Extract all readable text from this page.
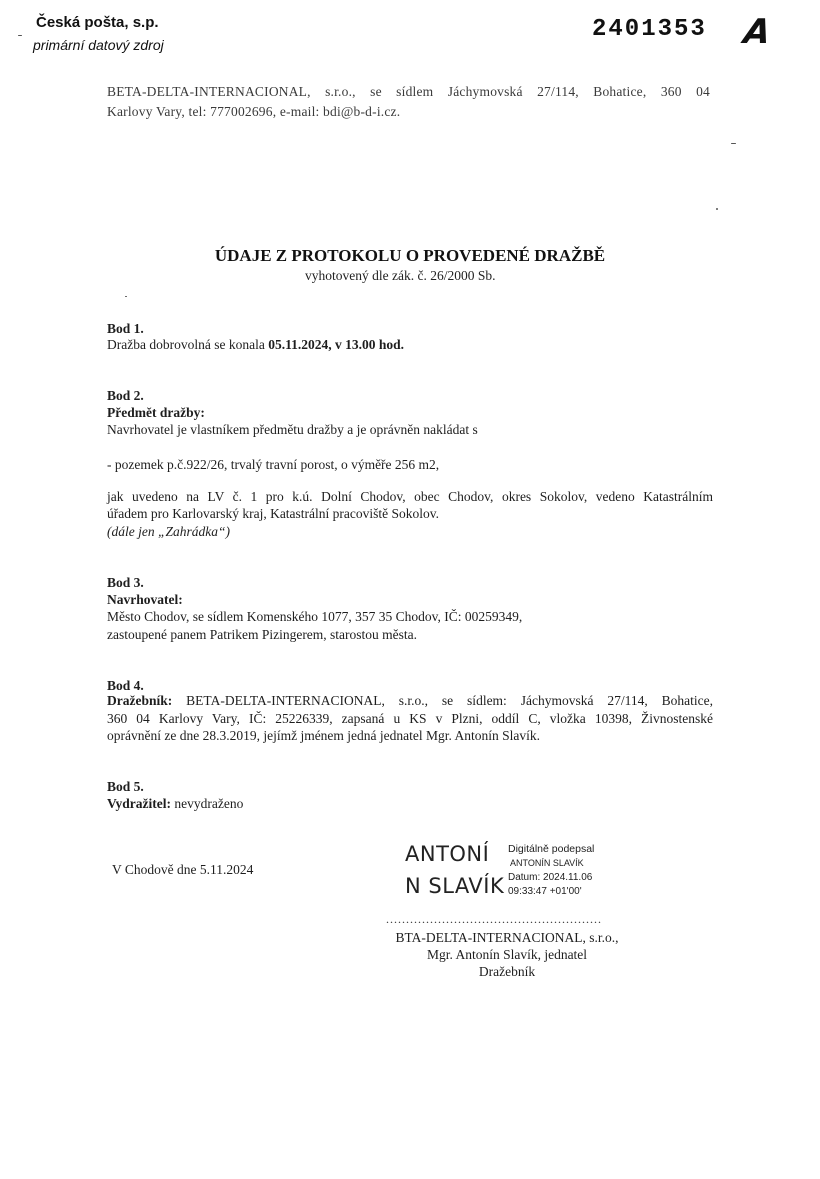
Česká pošta, s.p.
primární datový zdroj
2401353 A
BETA-DELTA-INTERNACIONAL, s.r.o., se sídlem Jáchymovská 27/114, Bohatice, 360 04
Karlovy Vary, tel: 777002696, e-mail: bdi@b-d-i.cz.
ÚDAJE Z PROTOKOLU O PROVEDENÉ DRAŽBĚ
vyhotovený dle zák. č. 26/2000 Sb.
Bod 1.
Dražba dobrovolná se konala 05.11.2024, v 13.00 hod.
Bod 2.
Předmět dražby:
Navrhovatel je vlastníkem předmětu dražby a je oprávněn nakládat s
- pozemek p.č.922/26, trvalý travní porost, o výměře 256 m2,
jak uvedeno na LV č. 1 pro k.ú. Dolní Chodov, obec Chodov, okres Sokolov, vedeno Katastrálním
úřadem pro Karlovarský kraj, Katastrální pracoviště Sokolov.
(dále jen „Zahrádka“)
Bod 3.
Navrhovatel:
Město Chodov, se sídlem Komenského 1077, 357 35 Chodov, IČ: 00259349,
zastoupené panem Patrikem Pizingerem, starostou města.
Bod 4.
Dražebník: BETA-DELTA-INTERNACIONAL, s.r.o., se sídlem: Jáchymovská 27/114, Bohatice,
360 04 Karlovy Vary, IČ: 25226339, zapsaná u KS v Plzni, oddíl C, vložka 10398, Živnostenské
oprávnění ze dne 28.3.2019, jejímž jménem jedná jednatel Mgr. Antonín Slavík.
Bod 5.
Vydražitel: nevydraženo
V Chodově dne 5.11.2024
ANTONÍ
N SLAVÍK
Digitálně podepsal
ANTONÍN SLAVÍK
Datum: 2024.11.06
09:33:47 +01'00'
......................................................
BTA-DELTA-INTERNACIONAL, s.r.o.,
Mgr. Antonín Slavík, jednatel
Dražebník
